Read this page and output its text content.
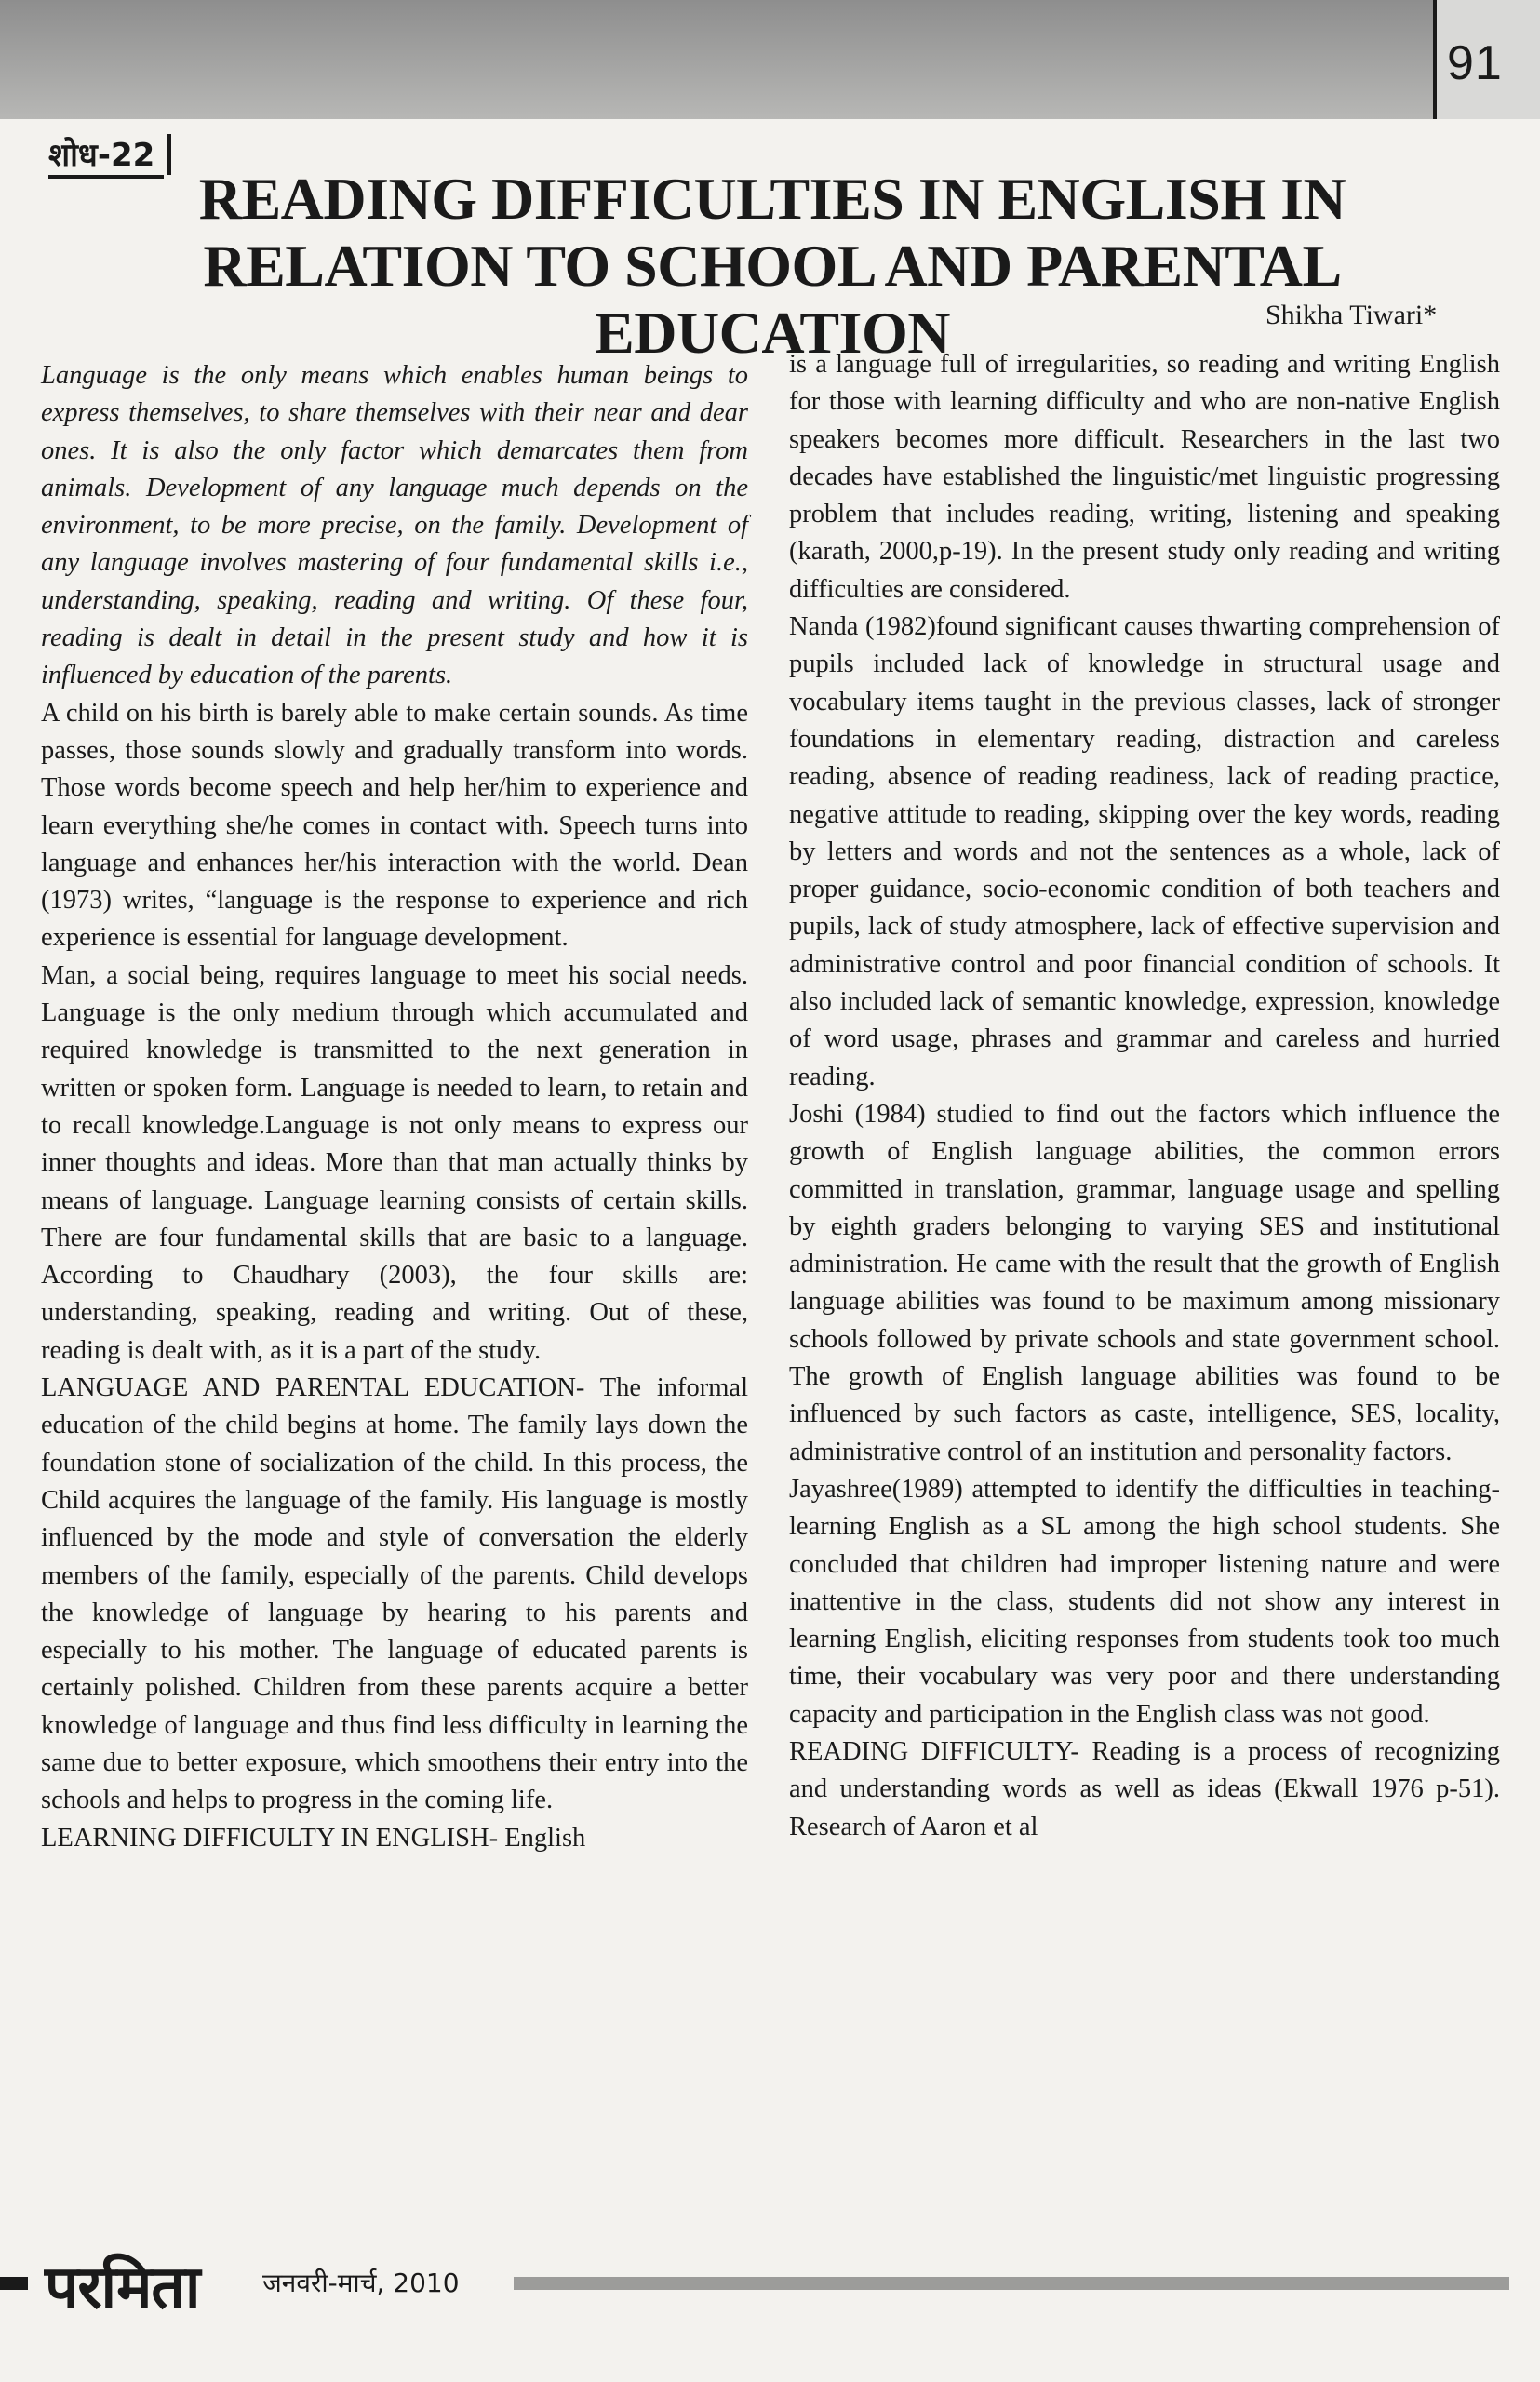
91
शोध-22
READING DIFFICULTIES IN ENGLISH IN RELATION TO SCHOOL AND PARENTAL EDUCATION	Shikha Tiwari*

Language is the only means which enables human beings to express themselves, to share themselves with their near and dear ones. It is also the only factor which demarcates them from animals. Development of any language much depends on the environment, to be more precise, on the family. Development of any language involves mastering of four fundamental skills i.e., understanding, speaking, reading and writing. Of these four, reading is dealt in detail in the present study and how it is influenced by education of the parents.

A child on his birth is barely able to make certain sounds. As time passes, those sounds slowly and gradually transform into words. Those words become speech and help her/him to experience and learn everything she/he comes in contact with. Speech turns into language and enhances her/his interaction with the world. Dean (1973) writes, “language is the response to experience and rich experience is essential for language development.

Man, a social being, requires language to meet his social needs. Language is the only medium through which accumulated and required knowledge is transmitted to the next generation in written or spoken form. Language is needed to learn, to retain and to recall knowledge.Language is not only means to express our inner thoughts and ideas. More than that man actually thinks by means of language. Language learning consists of certain skills. There are four fundamental skills that are basic to a language. According to Chaudhary (2003), the four skills are: understanding, speaking, reading and writing. Out of these, reading is dealt with, as it is a part of the study.

LANGUAGE AND PARENTAL EDUCATION- The informal education of the child begins at home. The family lays down the foundation stone of socialization of the child. In this process, the Child acquires the language of the family. His language is mostly influenced by the mode and style of conversation the elderly members of the family, especially of the parents. Child develops the knowledge of language by hearing to his parents and especially to his mother. The language of educated parents is certainly polished. Children from these parents acquire a better knowledge of language and thus find less difficulty in learning the same due to better exposure, which smoothens their entry into the schools and helps to progress in the coming life.

LEARNING DIFFICULTY IN ENGLISH- English

is a language full of irregularities, so reading and writing English for those with learning difficulty and who are non-native English speakers becomes more difficult. Researchers in the last two decades have established the linguistic/met linguistic progressing problem that includes reading, writing, listening and speaking (karath, 2000,p-19). In the present study only reading and writing difficulties are considered.

Nanda (1982)found significant causes thwarting comprehension of pupils included lack of knowledge in structural usage and vocabulary items taught in the previous classes, lack of stronger foundations in elementary reading, distraction and careless reading, absence of reading readiness, lack of reading practice, negative attitude to reading, skipping over the key words, reading by letters and words and not the sentences as a whole, lack of proper guidance, socio-economic condition of both teachers and pupils, lack of study atmosphere, lack of effective supervision and administrative control and poor financial condition of schools. It also included lack of semantic knowledge, expression, knowledge of word usage, phrases and grammar and careless and hurried reading.

Joshi (1984) studied to find out the factors which influence the growth of English language abilities, the common errors committed in translation, grammar, language usage and spelling by eighth graders belonging to varying SES and institutional administration. He came with the result that the growth of English language abilities was found to be maximum among missionary schools followed by private schools and state government school. The growth of English language abilities was found to be influenced by such factors as caste, intelligence, SES, locality, administrative control of an institution and personality factors.

Jayashree(1989) attempted to identify the difficulties in teaching-learning English as a SL among the high school students. She concluded that children had improper listening nature and were inattentive in the class, students did not show any interest in learning English, eliciting responses from students took too much time, their vocabulary was very poor and there understanding capacity and participation in the English class was not good.

READING DIFFICULTY- Reading is a process of recognizing and understanding words as well as ideas (Ekwall 1976 p-51). Research of Aaron et al

परमिता जनवरी-मार्च, 2010
